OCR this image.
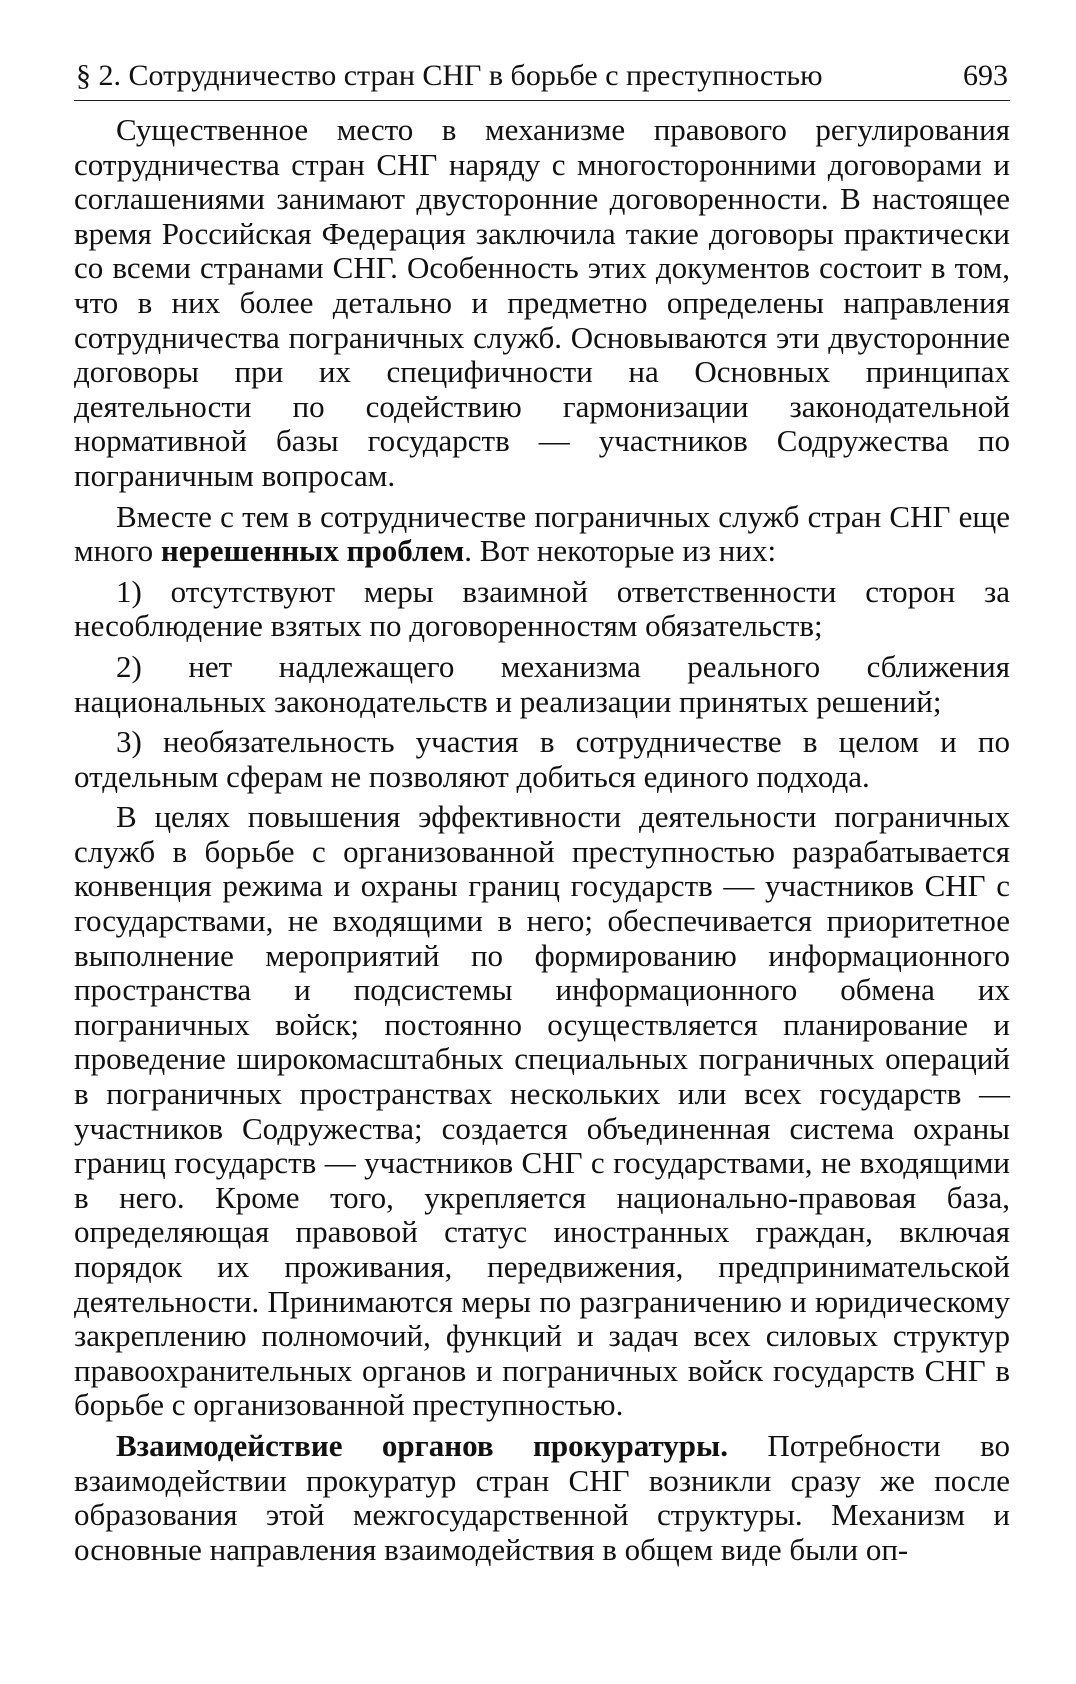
§ 2. Сотрудничество стран СНГ в борьбе с преступностью	693

Существенное место в механизме правового регулирования сотрудничества стран СНГ наряду с многосторонними договорами и соглашениями занимают двусторонние договоренности. В настоящее время Российская Федерация заключила такие договоры практически со всеми странами СНГ. Особенность этих документов состоит в том, что в них более детально и предметно определены направления сотрудничества пограничных служб. Основываются эти двусторонние договоры при их специфичности на Основных принципах деятельности по содействию гармонизации законодательной нормативной базы государств — участников Содружества по пограничным вопросам.

Вместе с тем в сотрудничестве пограничных служб стран СНГ еще много нерешенных проблем. Вот некоторые из них:

1) отсутствуют меры взаимной ответственности сторон за несоблюдение взятых по договоренностям обязательств;

2) нет надлежащего механизма реального сближения национальных законодательств и реализации принятых решений;

3) необязательность участия в сотрудничестве в целом и по отдельным сферам не позволяют добиться единого подхода.

В целях повышения эффективности деятельности пограничных служб в борьбе с организованной преступностью разрабатывается конвенция режима и охраны границ государств — участников СНГ с государствами, не входящими в него; обеспечивается приоритетное выполнение мероприятий по формированию информационного пространства и подсистемы информационного обмена их пограничных войск; постоянно осуществляется планирование и проведение широкомасштабных специальных пограничных операций в пограничных пространствах нескольких или всех государств — участников Содружества; создается объединенная система охраны границ государств — участников СНГ с государствами, не входящими в него. Кроме того, укрепляется национально-правовая база, определяющая правовой статус иностранных граждан, включая порядок их проживания, передвижения, предпринимательской деятельности. Принимаются меры по разграничению и юридическому закреплению полномочий, функций и задач всех силовых структур правоохранительных органов и пограничных войск государств СНГ в борьбе с организованной преступностью.

Взаимодействие органов прокуратуры. Потребности во взаимодействии прокуратур стран СНГ возникли сразу же после образования этой межгосударственной структуры. Механизм и основные направления взаимодействия в общем виде были оп-
